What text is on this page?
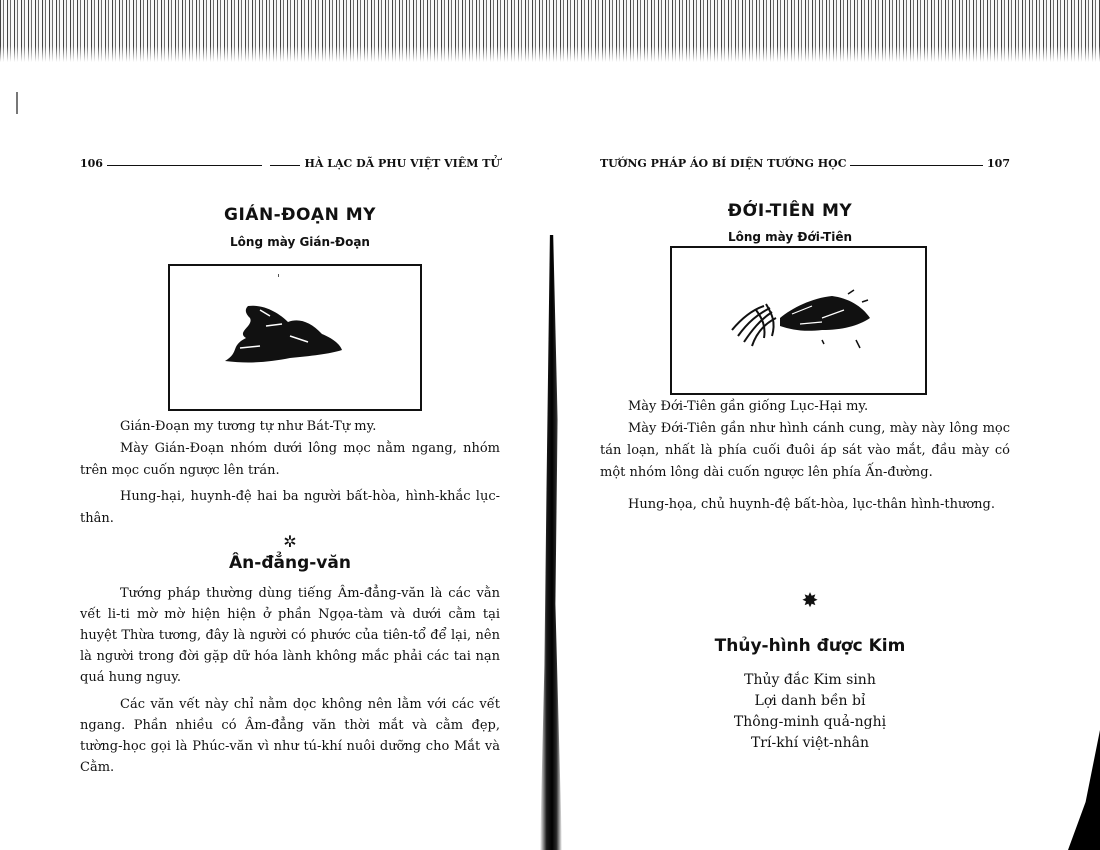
106	HÀ LẠC DÃ PHU VIỆT VIÊM TỬ
GIÁN-ĐOẠN MY

Lông mày Gián-Đoạn

Gián-Đoạn my tương tự như Bát-Tự my.

Mày Gián-Đoạn nhóm dưới lông mọc nằm ngang, nhóm trên mọc cuốn ngược lên trán.

Hung-hại, huynh-đệ hai ba người bất-hòa, hình-khắc lục-thân.

✲
Ân-đẳng-văn

Tướng pháp thường dùng tiếng Âm-đẳng-văn là các vằn vết li-ti mờ mờ hiện hiện ở phần Ngọa-tàm và dưới cằm tại huyệt Thừa tương, đây là người có phước của tiên-tổ để lại, nên là người trong đời gặp dữ hóa lành không mắc phải các tai nạn quá hung nguy.

Các văn vết này chỉ nằm dọc không nên lằm với các vết ngang. Phần nhiều có Âm-đẳng văn thời mắt và cằm đẹp, tường-học gọi là Phúc-văn vì như tú-khí nuôi dưỡng cho Mắt và Cằm.

TƯỚNG PHÁP ÁO BÍ DIỆN TƯỚNG HỌC	107
ĐỚI-TIÊN MY

Lông mày Đới-Tiên

Mày Đới-Tiên gần giống Lục-Hại my.

Mày Đới-Tiên gần như hình cánh cung, mày này lông mọc tán loạn, nhất là phía cuối đuôi áp sát vào mắt, đầu mày có một nhóm lông dài cuốn ngược lên phía Ấn-đường.

Hung-họa, chủ huynh-đệ bất-hòa, lục-thân hình-thương.

✸
Thủy-hình được Kim
Thủy đắc Kim sinh
Lợi danh bền bỉ
Thông-minh quả-nghị
Trí-khí việt-nhân
